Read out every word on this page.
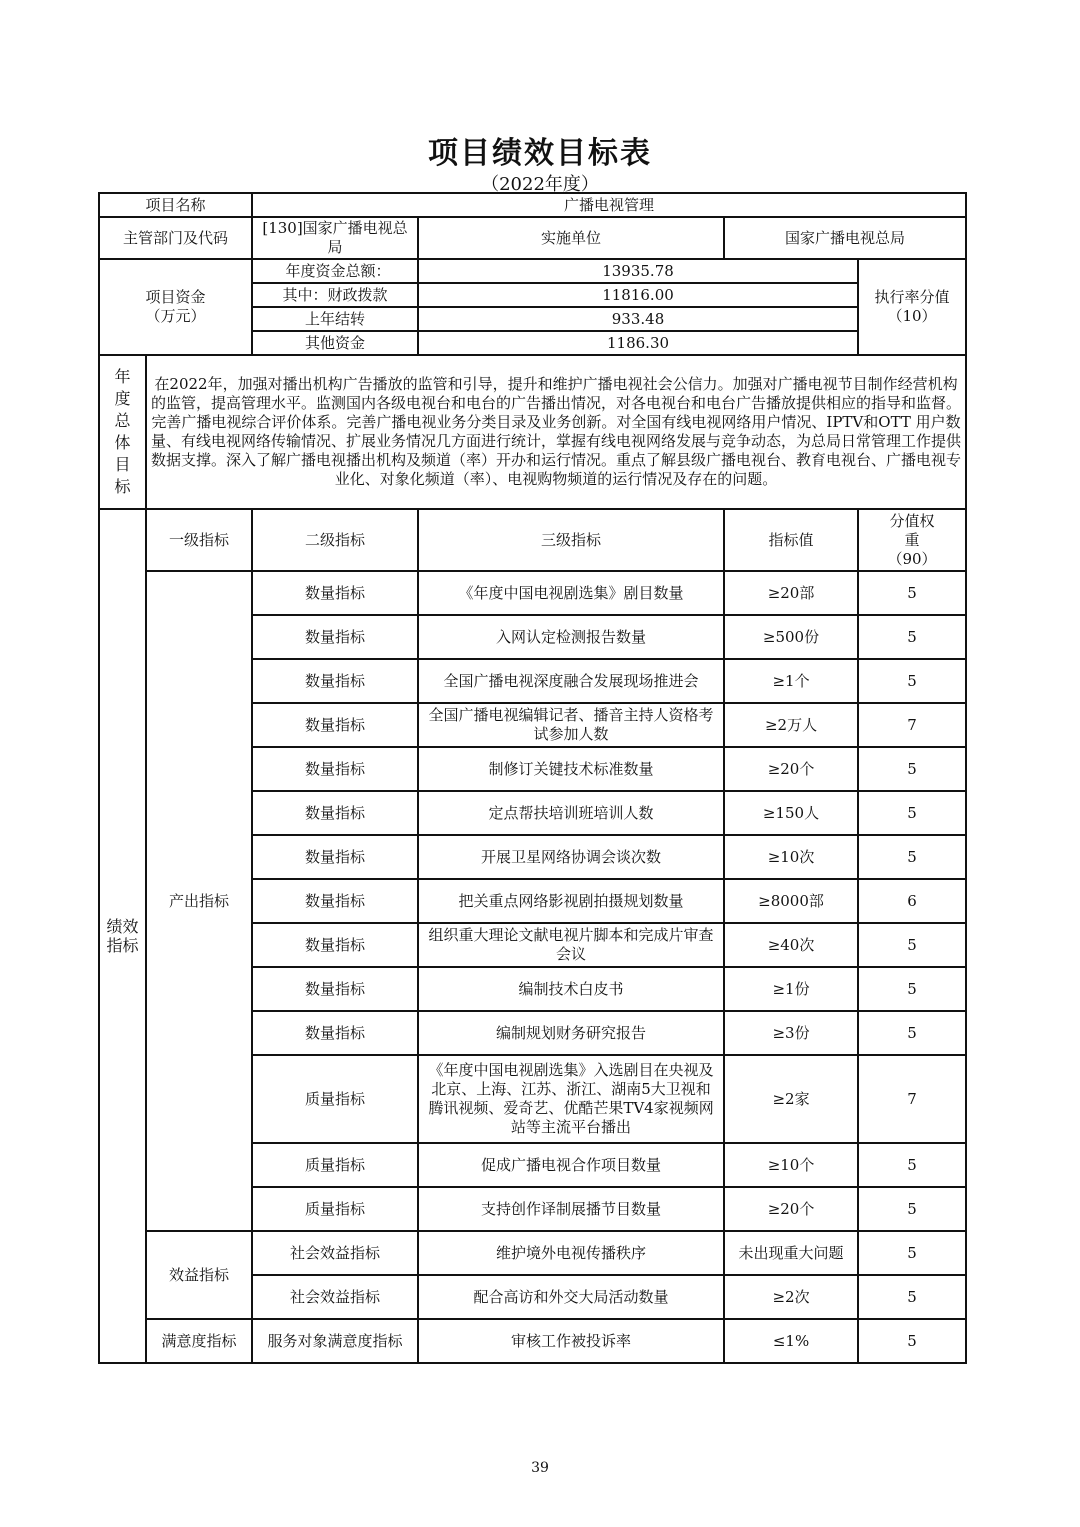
项目绩效目标表
（2022年度）
项目名称		广播电视管理			
主管部门及代码		[130]国家广播电视总局	实施单位	国家广播电视总局	
项目资金（万元）		年度资金总额：	13935.78		执行率分值（10）
		其中：财政拨款	11816.00		
		上年结转	933.48		
		其他资金	1186.30		
年度总体目标	在2022年，加强对播出机构广告播放的监管和引导，提升和维护广播电视社会公信力。加强对广播电视节目制作经营机构的监管，提高管理水平。监测国内各级电视台和电台的广告播出情况，对各电视台和电台广告播放提供相应的指导和监督。完善广播电视综合评价体系。完善广播电视业务分类目录及业务创新。对全国有线电视网络用户情况、IPTV和OTT 用户数量、有线电视网络传输情况、扩展业务情况几方面进行统计，掌握有线电视网络发展与竞争动态，为总局日常管理工作提供数据支撑。深入了解广播电视播出机构及频道（率）开办和运行情况。重点了解县级广播电视台、教育电视台、广播电视专业化、对象化频道（率）、电视购物频道的运行情况及存在的问题。				
绩效指标	一级指标	二级指标	三级指标	指标值	分值权重（90）
	产出指标	数量指标	《年度中国电视剧选集》剧目数量	≥20部	5
		数量指标	入网认定检测报告数量	≥500份	5
		数量指标	全国广播电视深度融合发展现场推进会	≥1个	5
		数量指标	全国广播电视编辑记者、播音主持人资格考试参加人数	≥2万人	7
		数量指标	制修订关键技术标准数量	≥20个	5
		数量指标	定点帮扶培训班培训人数	≥150人	5
		数量指标	开展卫星网络协调会谈次数	≥10次	5
		数量指标	把关重点网络影视剧拍摄规划数量	≥8000部	6
		数量指标	组织重大理论文献电视片脚本和完成片审查会议	≥40次	5
		数量指标	编制技术白皮书	≥1份	5
		数量指标	编制规划财务研究报告	≥3份	5
		质量指标	《年度中国电视剧选集》入选剧目在央视及北京、上海、江苏、浙江、湖南5大卫视和腾讯视频、爱奇艺、优酷芒果TV4家视频网站等主流平台播出	≥2家	7
		质量指标	促成广播电视合作项目数量	≥10个	5
		质量指标	支持创作译制展播节目数量	≥20个	5
	效益指标	社会效益指标	维护境外电视传播秩序	未出现重大问题	5
		社会效益指标	配合高访和外交大局活动数量	≥2次	5
	满意度指标	服务对象满意度指标	审核工作被投诉率	≤1%	5
39
